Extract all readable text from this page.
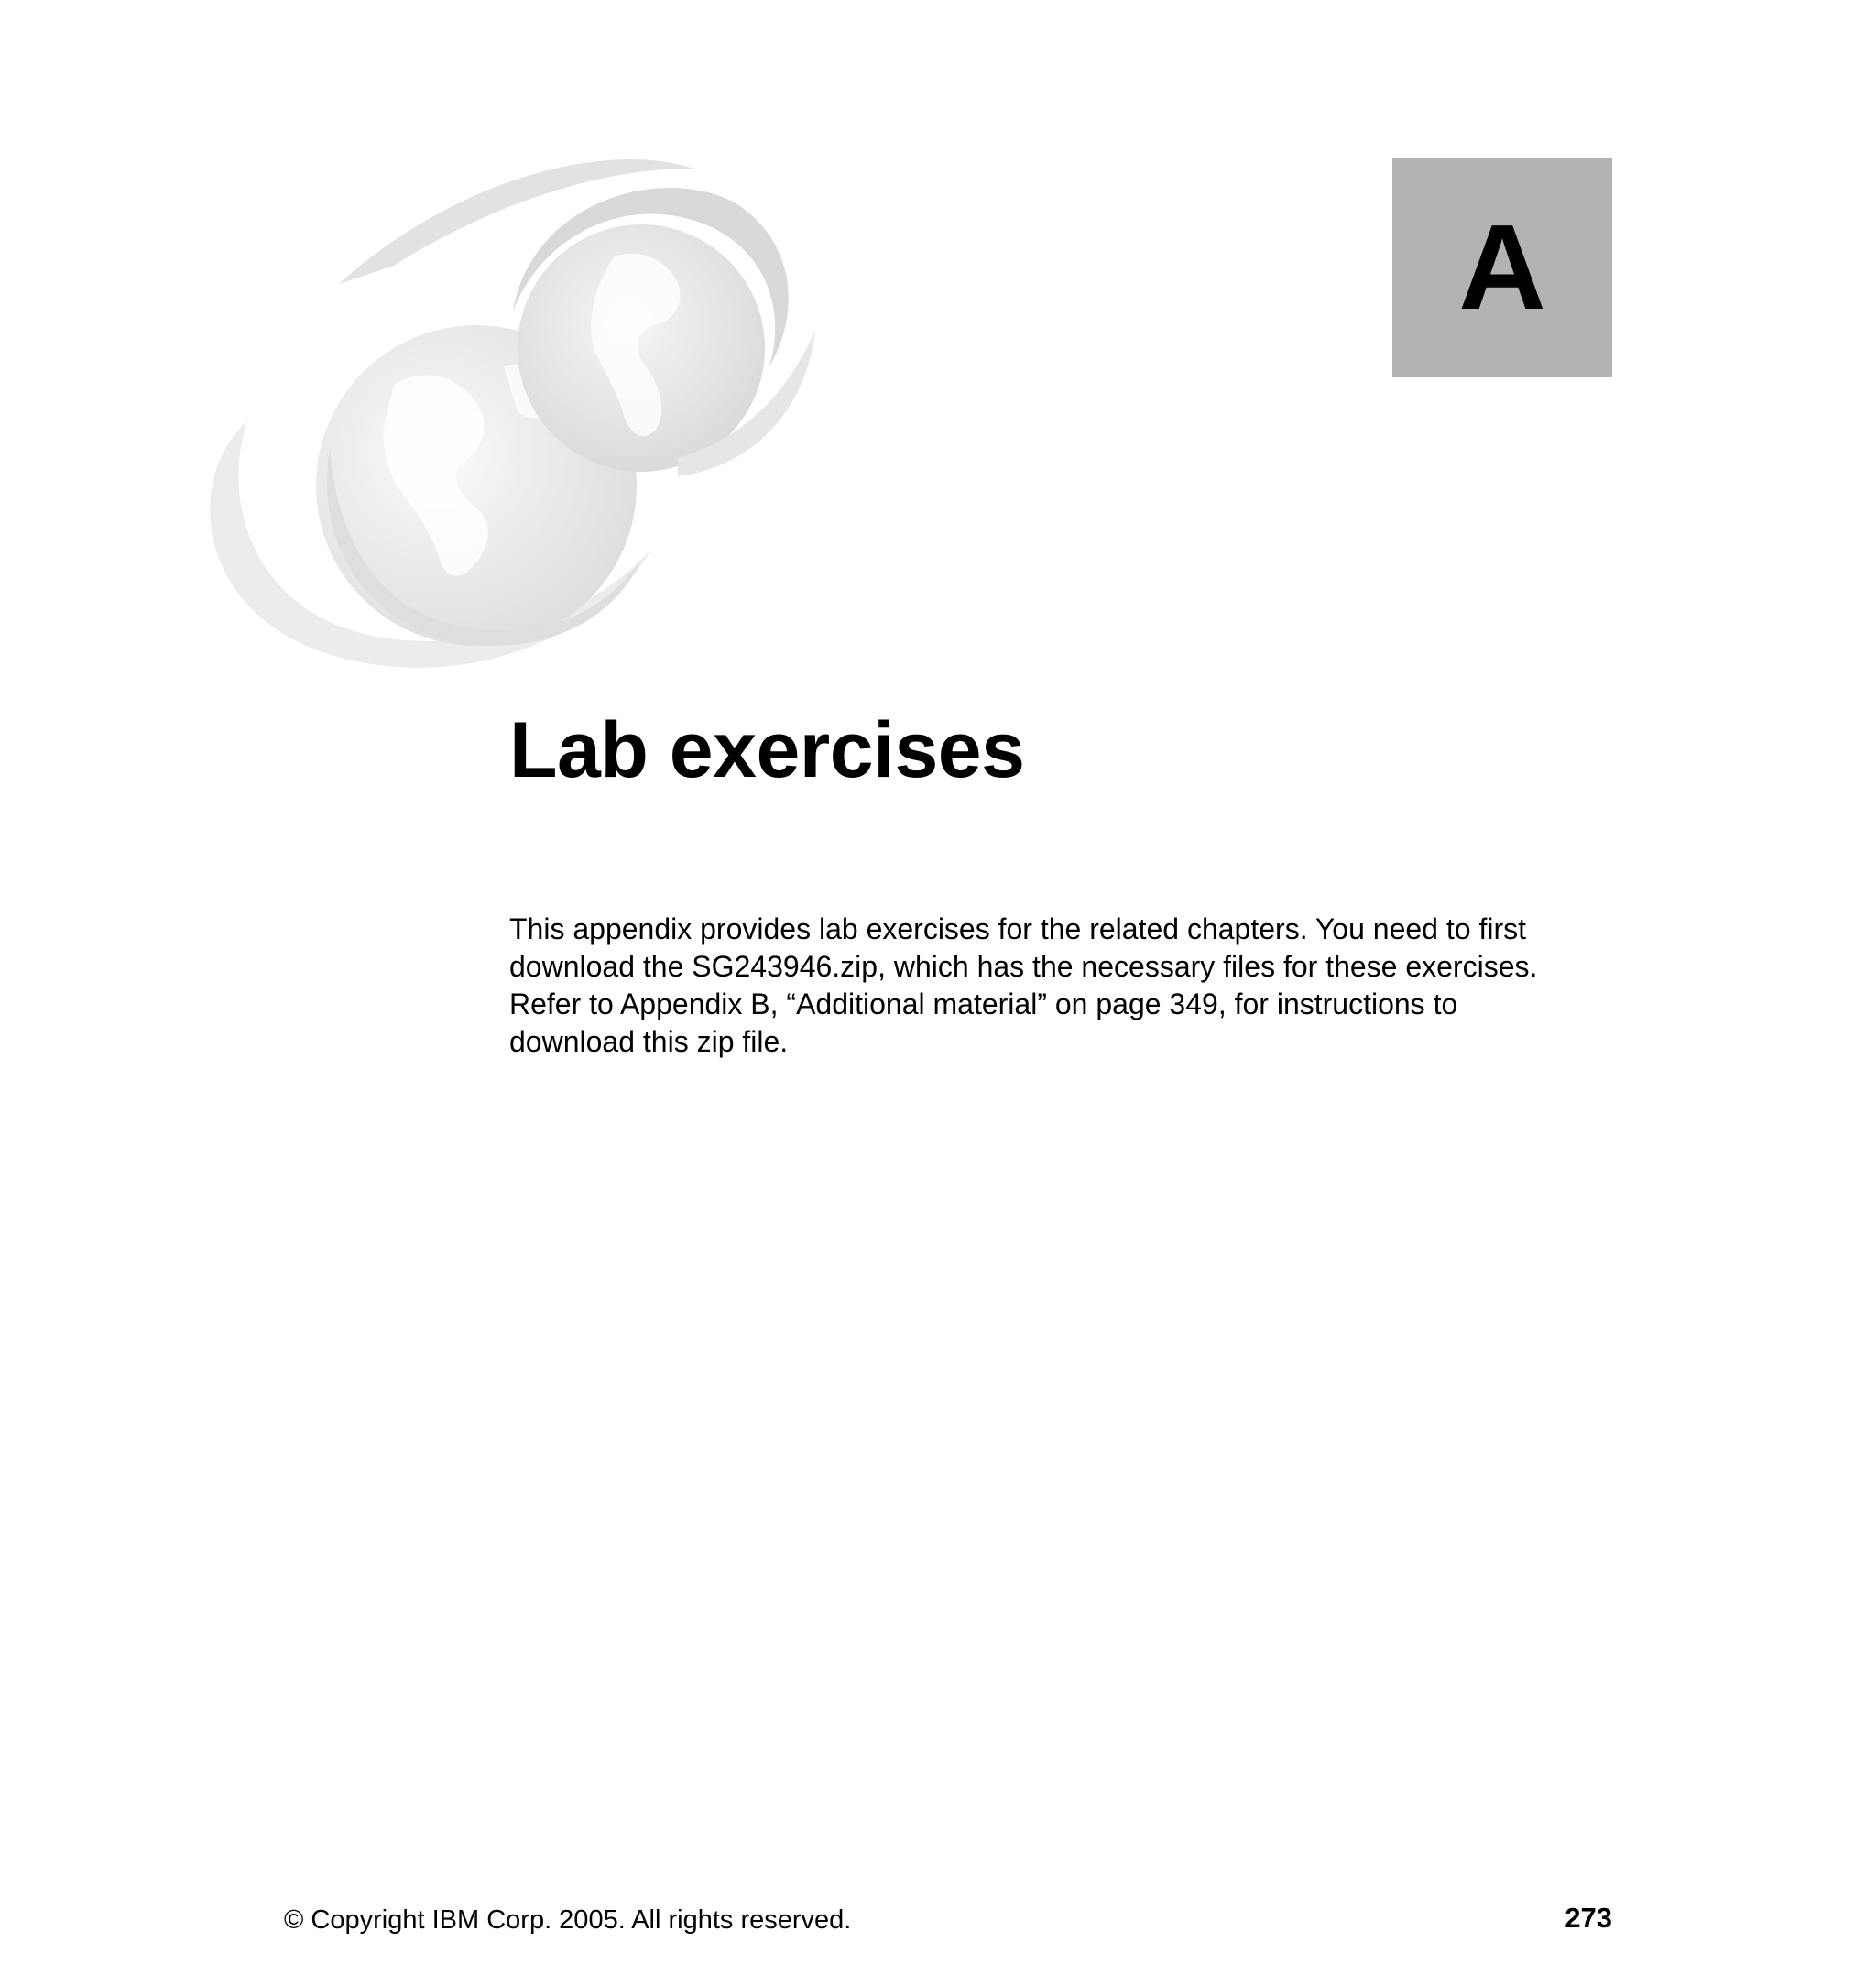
A
Lab exercises

This appendix provides lab exercises for the related chapters. You need to first
download the SG243946.zip, which has the necessary files for these exercises.
Refer to Appendix B, “Additional material” on page 349, for instructions to
download this zip file.

© Copyright IBM Corp. 2005. All rights reserved.	273
